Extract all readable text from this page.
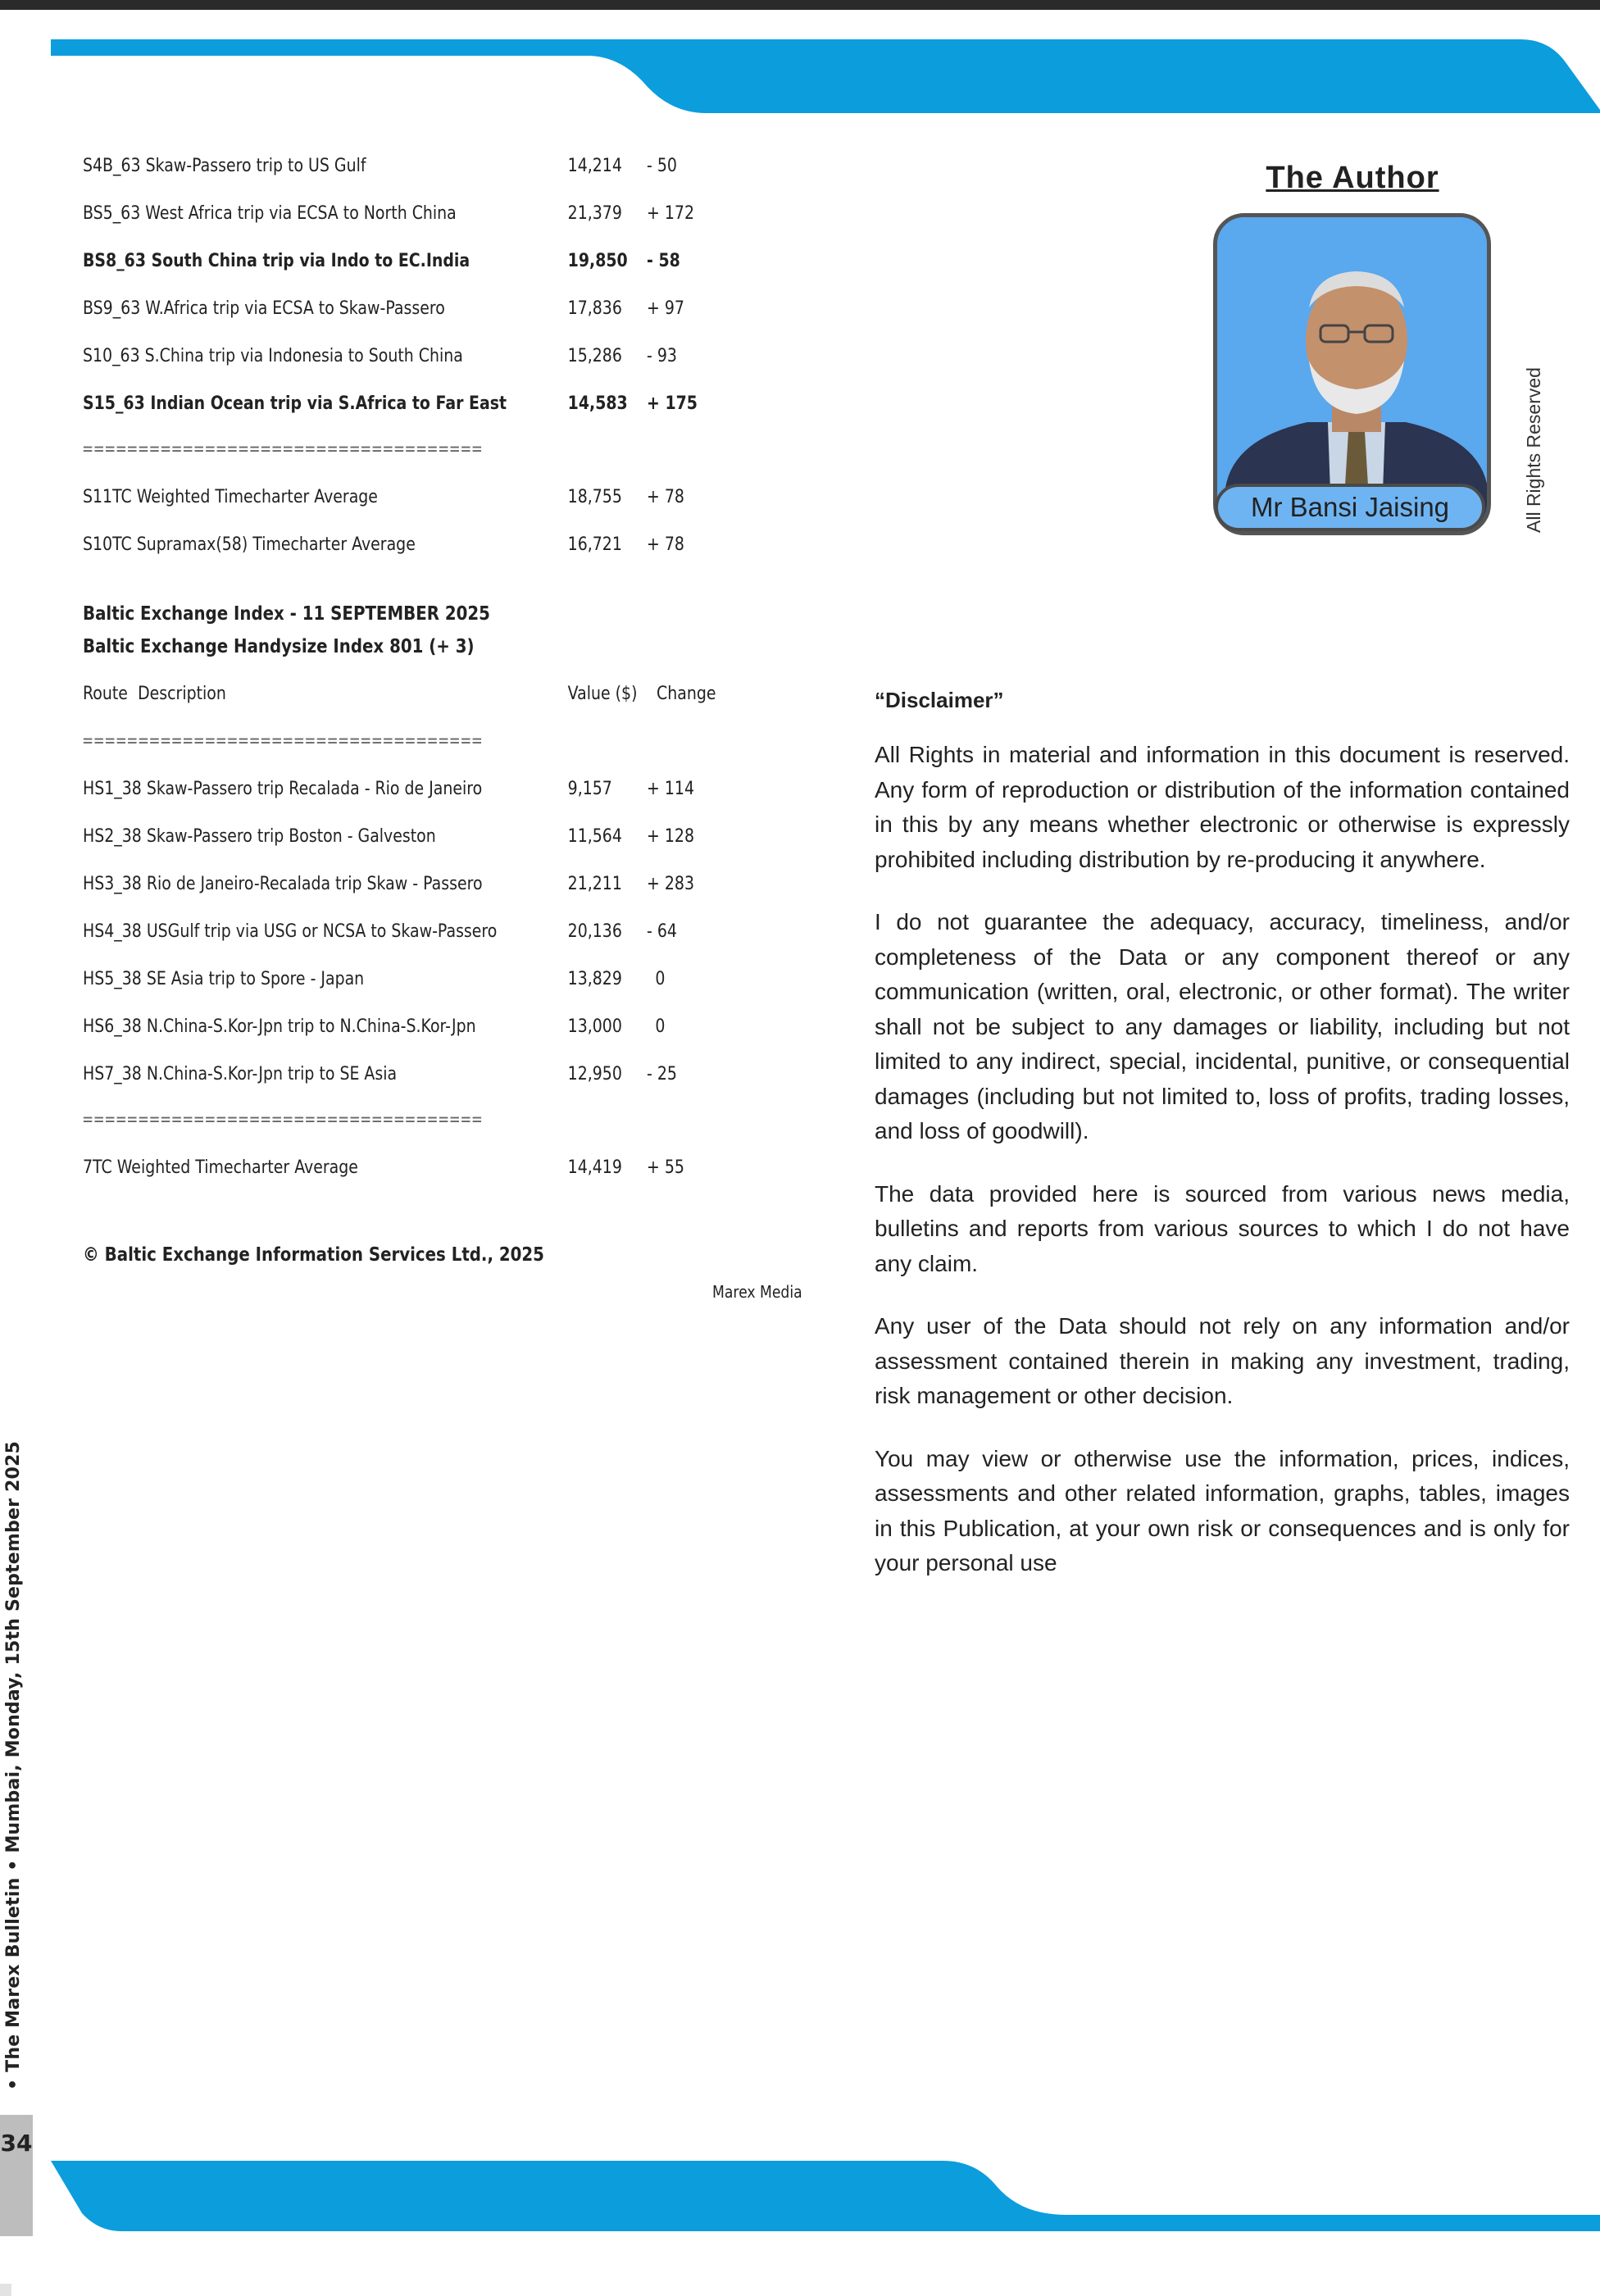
S4B_63 Skaw-Passero trip to US Gulf	14,214 - 50
BS5_63 West Africa trip via ECSA to North China	21,379 + 172
BS8_63 South China trip via Indo to EC.India	19,850 - 58
BS9_63 W.Africa trip via ECSA to Skaw-Passero	17,836 + 97
S10_63 S.China trip via Indonesia to South China	15,286 - 93
S15_63 Indian Ocean trip via S.Africa to Far East	14,583 + 175
====================================
S11TC Weighted Timecharter Average	18,755 + 78
S10TC Supramax(58) Timecharter Average	16,721 + 78
Baltic Exchange Index - 11 SEPTEMBER 2025
Baltic Exchange Handysize Index 801 (+ 3)
Route Description	Value ($) Change
====================================
HS1_38 Skaw-Passero trip Recalada - Rio de Janeiro	9,157 + 114
HS2_38 Skaw-Passero trip Boston - Galveston	11,564 + 128
HS3_38 Rio de Janeiro-Recalada trip Skaw - Passero	21,211 + 283
HS4_38 USGulf trip via USG or NCSA to Skaw-Passero	20,136 - 64
HS5_38 SE Asia trip to Spore - Japan	13,829 0
HS6_38 N.China-S.Kor-Jpn trip to N.China-S.Kor-Jpn	13,000 0
HS7_38 N.China-S.Kor-Jpn trip to SE Asia	12,950 - 25
====================================
7TC Weighted Timecharter Average	14,419 + 55
© Baltic Exchange Information Services Ltd., 2025
Marex Media
The Author
Mr Bansi Jaising	All Rights Reserved
“Disclaimer”

All Rights in material and information in this document is reserved. Any form of reproduction or distribution of the information contained in this by any means whether electronic or otherwise is expressly prohibited including distribution by re-producing it anywhere.

I do not guarantee the adequacy, accuracy, timeliness, and/or completeness of the Data or any component thereof or any communication (written, oral, electronic, or other format). The writer shall not be subject to any damages or liability, including but not limited to any indirect, special, incidental, punitive, or consequential damages (including but not limited to, loss of profits, trading losses, and loss of goodwill).

The data provided here is sourced from various news media, bulletins and reports from various sources to which I do not have any claim.

Any user of the Data should not rely on any information and/or assessment contained therein in making any investment, trading, risk management or other decision.

You may view or otherwise use the information, prices, indices, assessments and other related information, graphs, tables, images in this Publication, at your own risk or consequences and is only for your personal use

• The Marex Bulletin • Mumbai, Monday, 15th September 2025
34
